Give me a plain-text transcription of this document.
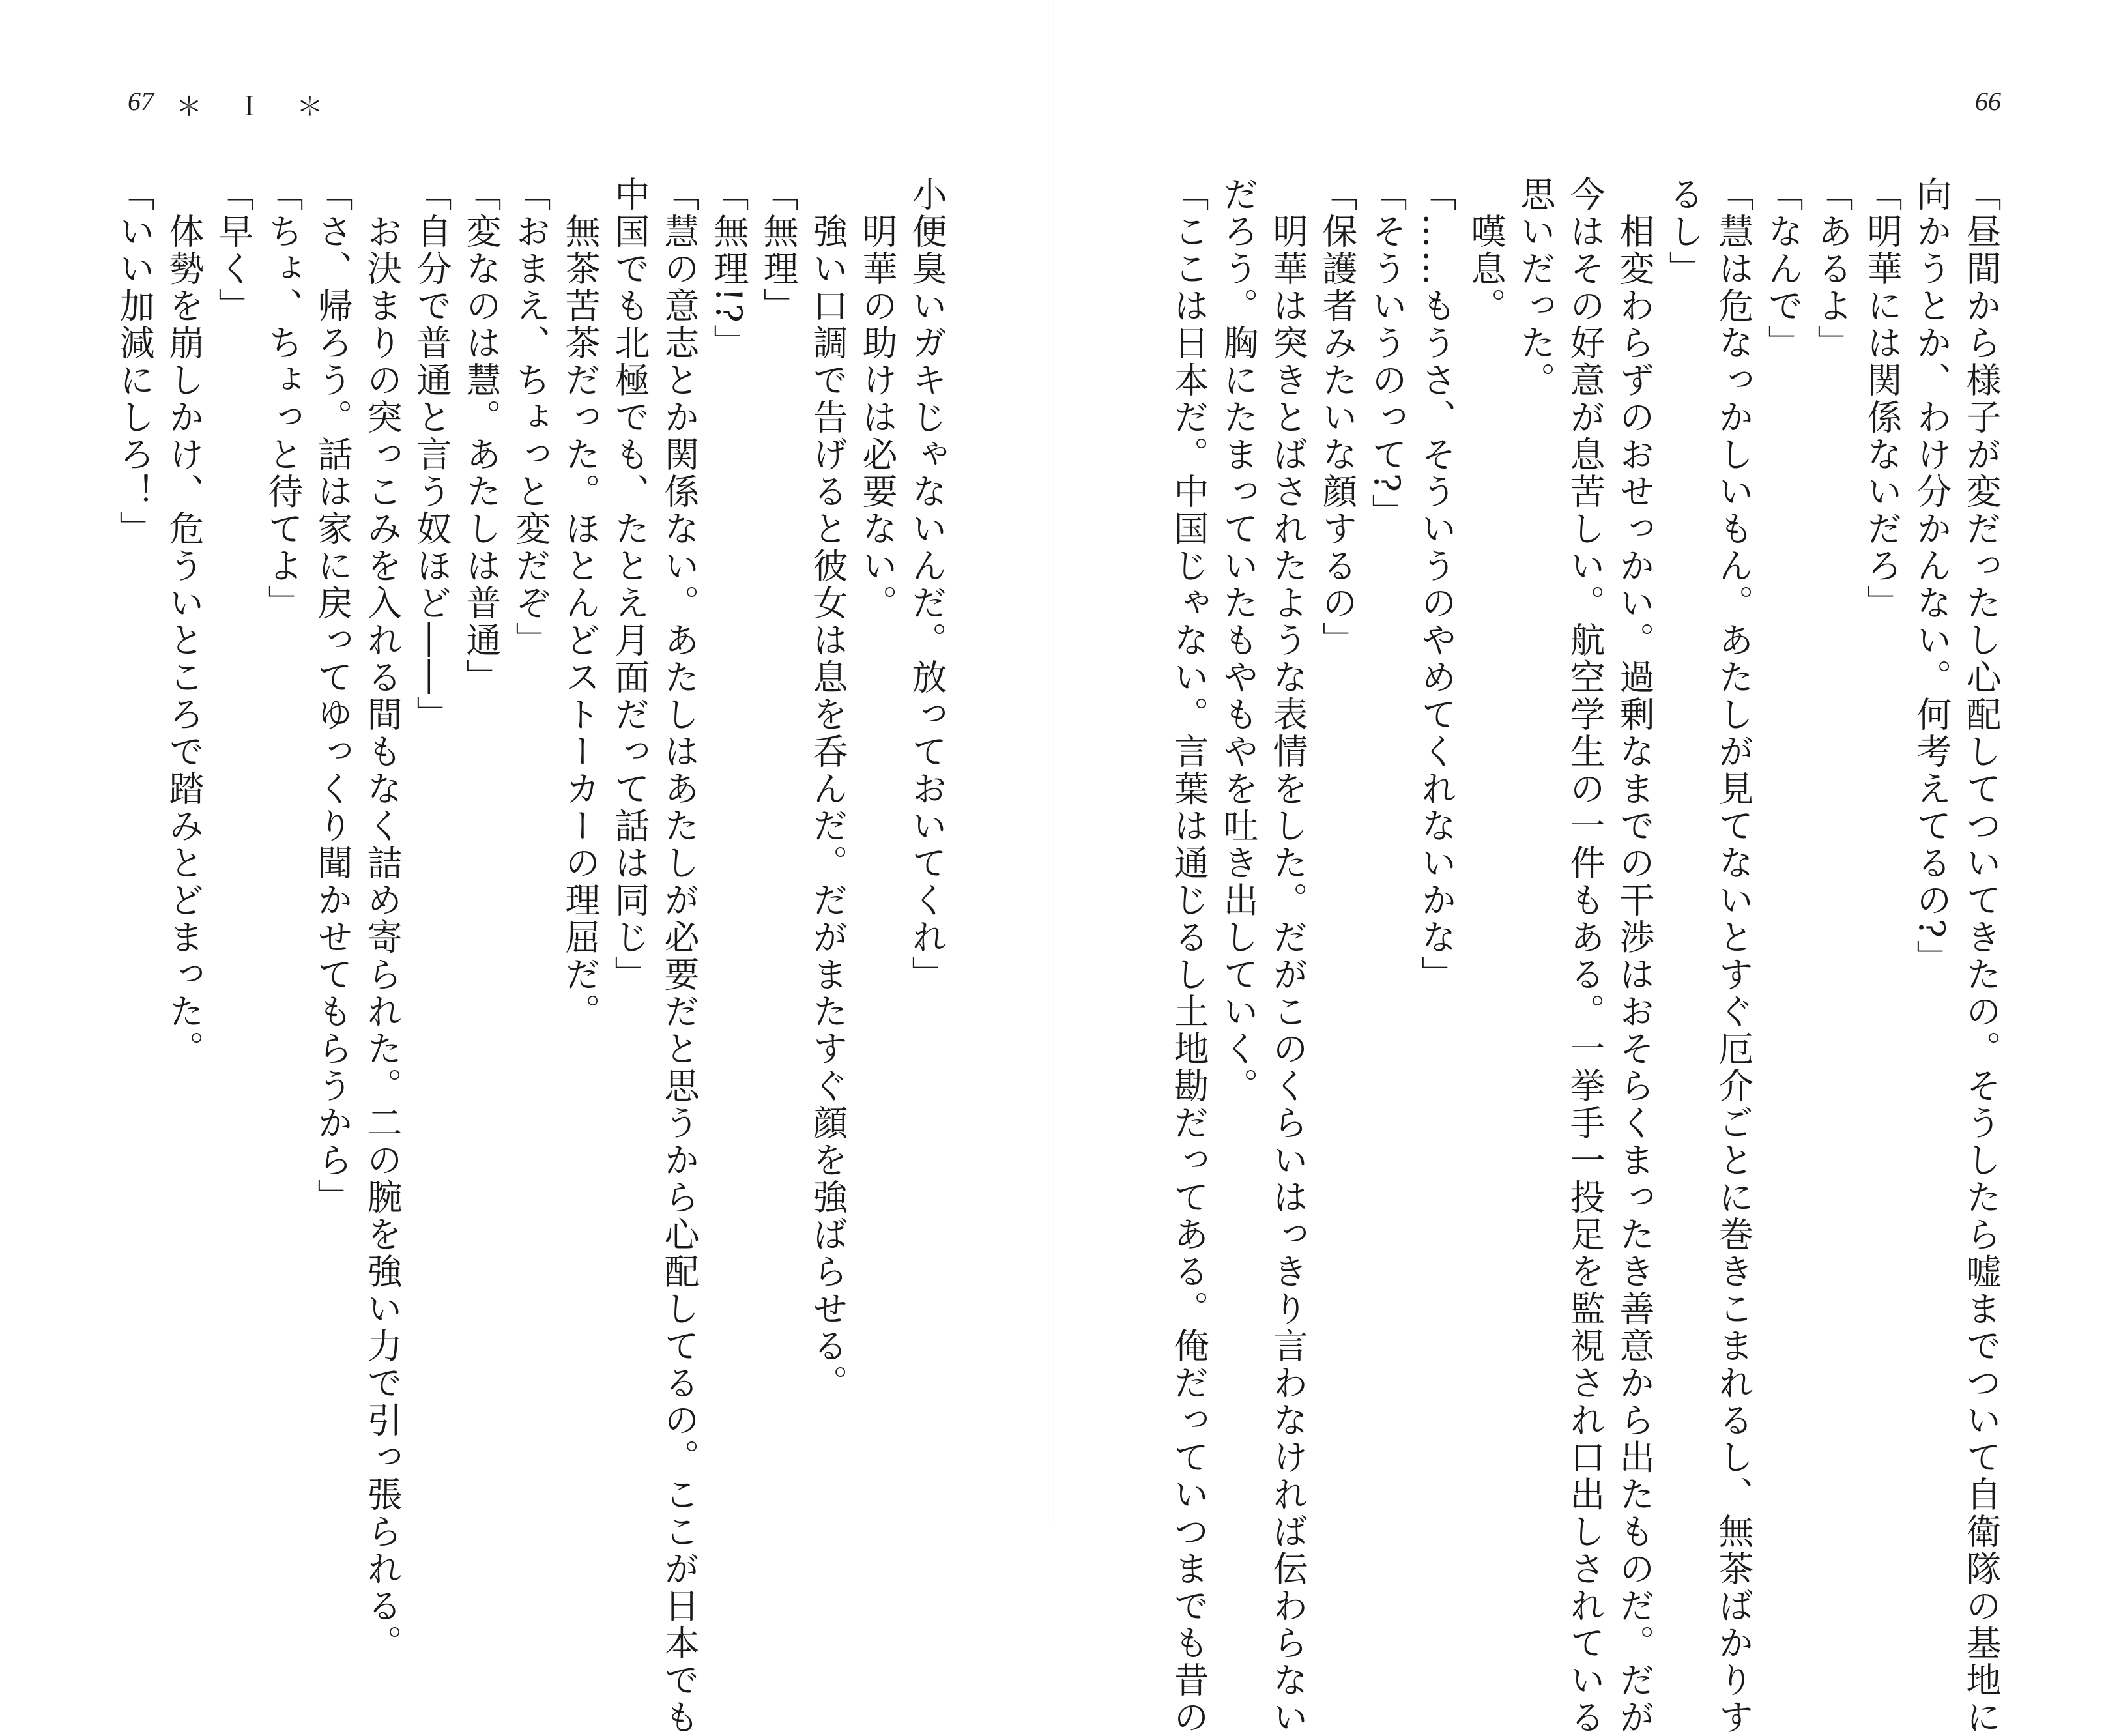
67 ＊ Ｉ ＊	66
「昼間から様子が変だったし心配してついてきたの。そうしたら嘘までついて自衛隊の基地に
向かうとか、わけ分かんない。何考えてるの?」
「明華には関係ないだろ」
「あるよ」
「なんで」
「慧は危なっかしいもん。あたしが見てないとすぐ厄介ごとに巻きこまれるし、無茶ばかりす
るし」
　相変わらずのおせっかい。過剰なまでの干渉はおそらくまったき善意から出たものだ。だが
今はその好意が息苦しい。航空学生の一件もある。一挙手一投足を監視され口出しされている
思いだった。
　嘆息。
「……もうさ、そういうのやめてくれないかな」
「そういうのって?」
「保護者みたいな顔するの」
　明華は突きとばされたような表情をした。だがこのくらいはっきり言わなければ伝わらない
だろう。胸にたまっていたもやもやを吐き出していく。
「ここは日本だ。中国じゃない。言葉は通じるし土地勘だってある。俺だっていつまでも昔の
小便臭いガキじゃないんだ。放っておいてくれ」
　明華の助けは必要ない。
　強い口調で告げると彼女は息を呑んだ。だがまたすぐ顔を強ばらせる。
「無理」
「無理!?」
「慧の意志とか関係ない。あたしはあたしが必要だと思うから心配してるの。ここが日本でも
中国でも北極でも、たとえ月面だって話は同じ」
　無茶苦茶だった。ほとんどストーカーの理屈だ。
「おまえ、ちょっと変だぞ」
「変なのは慧。あたしは普通」
「自分で普通と言う奴ほど――」
　お決まりの突っこみを入れる間もなく詰め寄られた。二の腕を強い力で引っ張られる。
「さ、帰ろう。話は家に戻ってゆっくり聞かせてもらうから」
「ちょ、ちょっと待てよ」
「早く」
　体勢を崩しかけ、危ういところで踏みとどまった。
「いい加減にしろ！」
